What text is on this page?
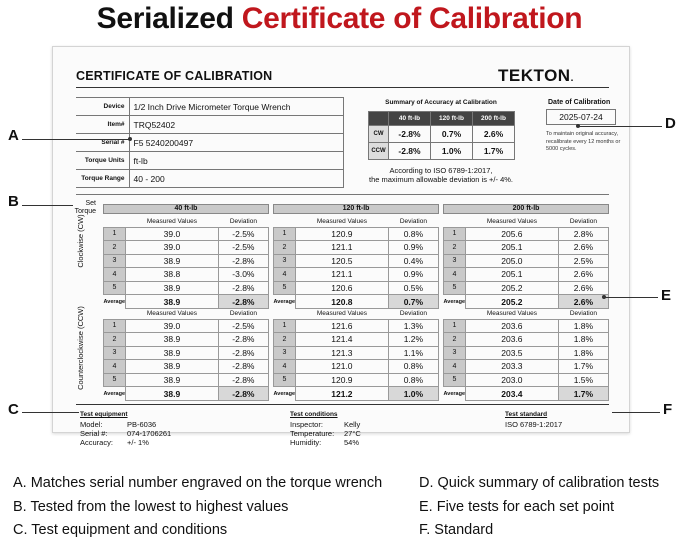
Serialized Certificate of Calibration
CERTIFICATE OF CALIBRATION	TEKTON.
Device	1/2 Inch Drive Micrometer Torque Wrench
Item#	TRQ52402
Serial #	F5 5240200497
Torque Units	ft-lb
Torque Range	40 - 200
Summary of Accuracy at Calibration
	40 ft-lb	120 ft-lb	200 ft-lb
CW	-2.8%	0.7%	2.6%
CCW	-2.8%	1.0%	1.7%
According to ISO 6789-1:2017,
the maximum allowable deviation is +/- 4%.
Date of Calibration
2025-07-24
To maintain original accuracy, recalibrate every 12 months or 5000 cycles.
Set Torque	40 ft-lb	120 ft-lb	200 ft-lb
Clockwise (CW)
Counterclockwise (CCW)
	Measured Values	Deviation
1	39.0	-2.5%
2	39.0	-2.5%
3	38.9	-2.8%
4	38.8	-3.0%
5	38.9	-2.8%
Average	38.9	-2.8%
	Measured Values	Deviation
1	39.0	-2.5%
2	38.9	-2.8%
3	38.9	-2.8%
4	38.9	-2.8%
5	38.9	-2.8%
Average	38.9	-2.8%
	Measured Values	Deviation
1	120.9	0.8%
2	121.1	0.9%
3	120.5	0.4%
4	121.1	0.9%
5	120.6	0.5%
Average	120.8	0.7%
	Measured Values	Deviation
1	121.6	1.3%
2	121.4	1.2%
3	121.3	1.1%
4	121.0	0.8%
5	120.9	0.8%
Average	121.2	1.0%
	Measured Values	Deviation
1	205.6	2.8%
2	205.1	2.6%
3	205.0	2.5%
4	205.1	2.6%
5	205.2	2.6%
Average	205.2	2.6%
	Measured Values	Deviation
1	203.6	1.8%
2	203.6	1.8%
3	203.5	1.8%
4	203.3	1.7%
5	203.0	1.5%
Average	203.4	1.7%
Test equipment
Model:	PB-6036
Serial #:	074-1706261
Accuracy:	+/- 1%
Test conditions
Inspector:	Kelly
Temperature:	27°C
Humidity:	54%
Test standard
ISO 6789-1:2017
A
B
C
D
E
F
A. Matches serial number engraved on the torque wrench
B. Tested from the lowest to highest values
C. Test equipment and conditions
D. Quick summary of calibration tests
E. Five tests for each set point
F. Standard
